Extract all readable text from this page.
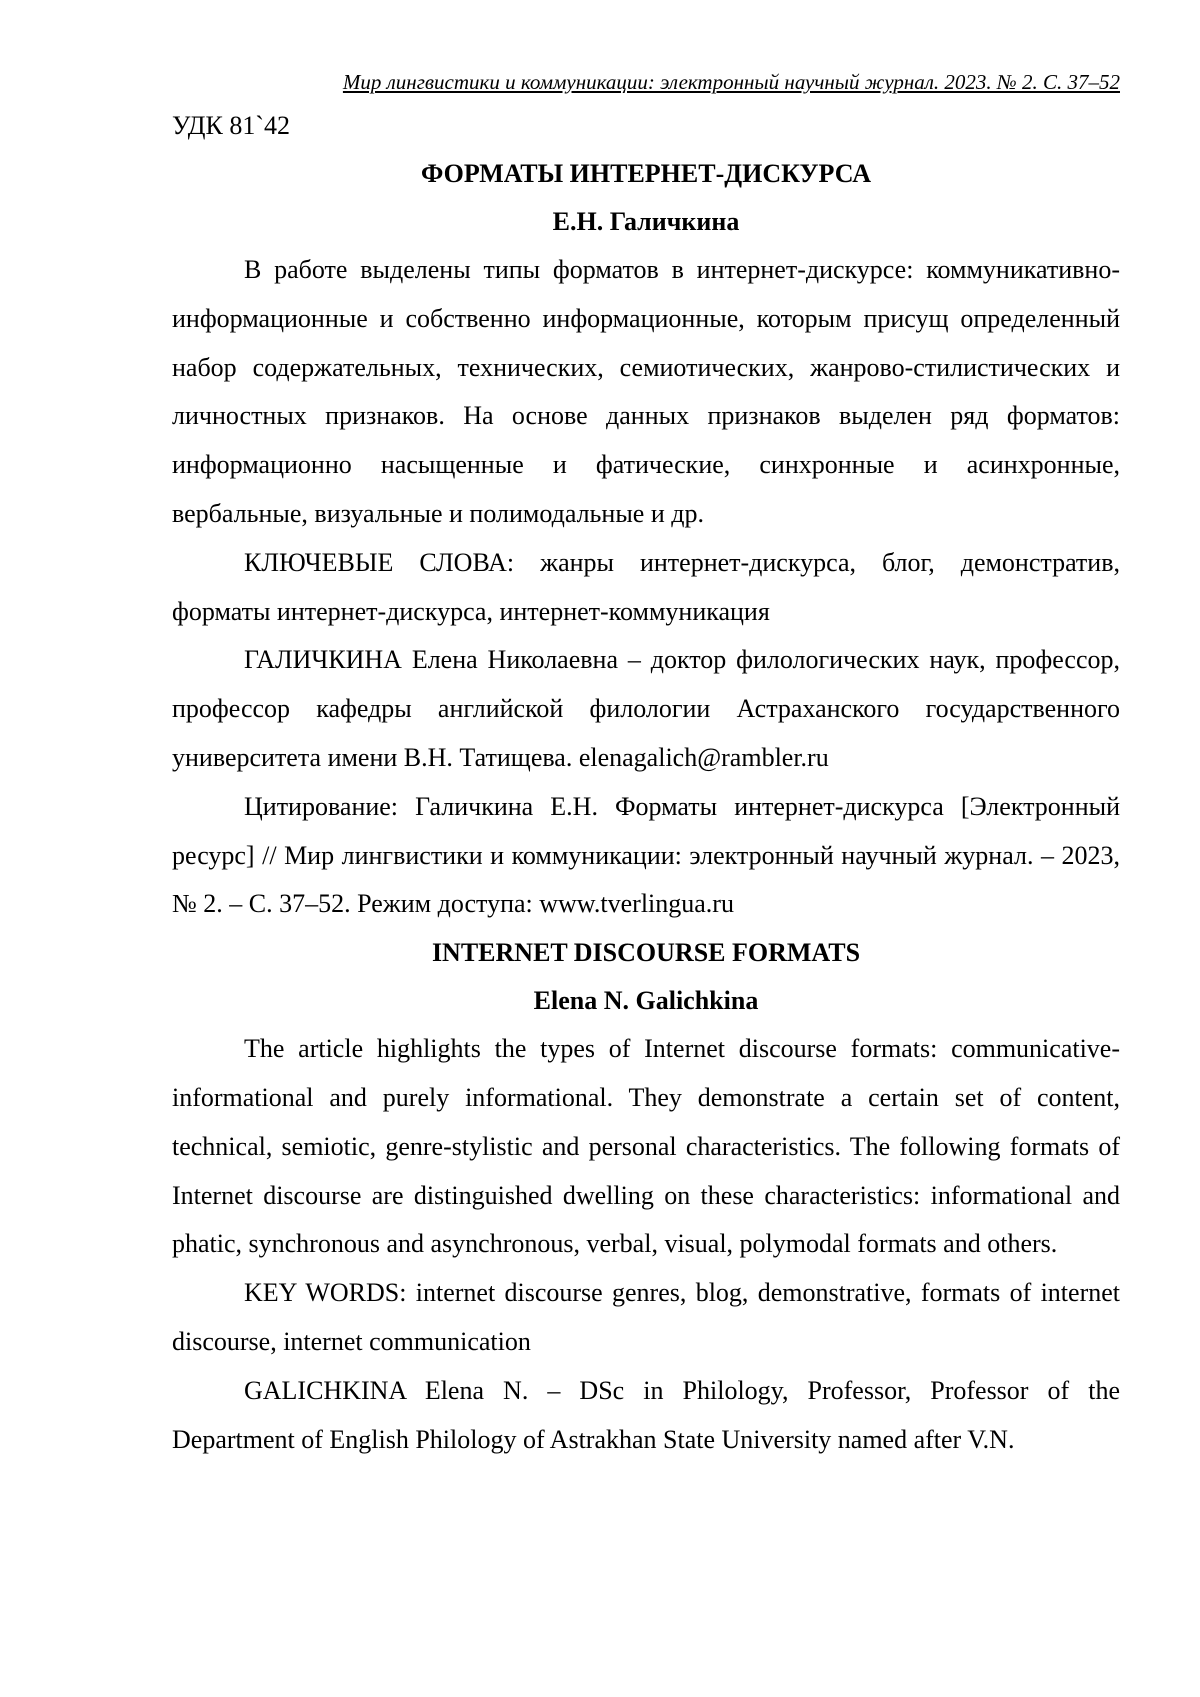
Мир лингвистики и коммуникации: электронный научный журнал. 2023. № 2. С. 37–52

УДК 81`42

ФОРМАТЫ ИНТЕРНЕТ-ДИСКУРСА

Е.Н. Галичкина

В работе выделены типы форматов в интернет-дискурсе: коммуникативно-информационные и собственно информационные, которым присущ определенный набор содержательных, технических, семиотических, жанрово-стилистических и личностных признаков. На основе данных признаков выделен ряд форматов: информационно насыщенные и фатические, синхронные и асинхронные, вербальные, визуальные и полимодальные и др.

КЛЮЧЕВЫЕ СЛОВА: жанры интернет-дискурса, блог, демонстратив, форматы интернет-дискурса, интернет-коммуникация

ГАЛИЧКИНА Елена Николаевна – доктор филологических наук, профессор, профессор кафедры английской филологии Астраханского государственного университета имени В.Н. Татищева. elenagalich@rambler.ru

Цитирование: Галичкина Е.Н. Форматы интернет-дискурса [Электронный ресурс] // Мир лингвистики и коммуникации: электронный научный журнал. – 2023, № 2. – С. 37–52. Режим доступа: www.tverlingua.ru

INTERNET DISCOURSE FORMATS

Elena N. Galichkina

The article highlights the types of Internet discourse formats: communicative-informational and purely informational. They demonstrate a certain set of content, technical, semiotic, genre-stylistic and personal characteristics. The following formats of Internet discourse are distinguished dwelling on these characteristics: informational and phatic, synchronous and asynchronous, verbal, visual, polymodal formats and others.

KEY WORDS: internet discourse genres, blog, demonstrative, formats of internet discourse, internet communication

GALICHKINA Elena N. – DSc in Philology, Professor, Professor of the Department of English Philology of Astrakhan State University named after V.N.
